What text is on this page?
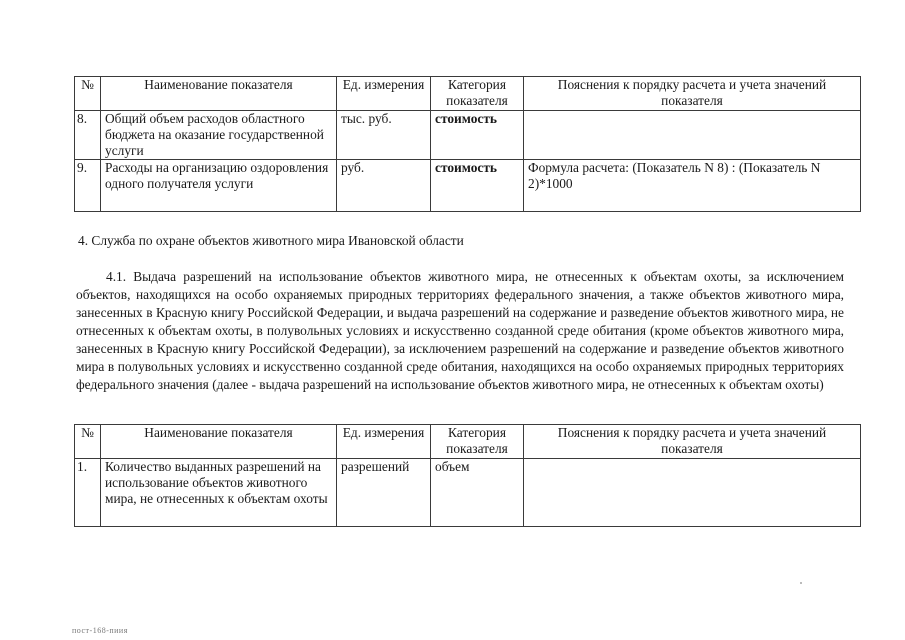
№	Наименование показателя	Ед. измерения	Категория показателя	Пояснения к порядку расчета и учета значений показателя
8.	Общий объем расходов областного бюджета на оказание государственной услуги	тыс. руб.	стоимость	
9.	Расходы на организацию оздоровления одного получателя услуги	руб.	стоимость	Формула расчета: (Показатель N 8) : (Показатель N 2)*1000
4. Служба по охране объектов животного мира Ивановской области
4.1. Выдача разрешений на использование объектов животного мира, не отнесенных к объектам охоты, за исключением объектов, находящихся на особо охраняемых природных территориях федерального значения, а также объектов животного мира, занесенных в Красную книгу Российской Федерации, и выдача разрешений на содержание и разведение объектов животного мира, не отнесенных к объектам охоты, в полувольных условиях и искусственно созданной среде обитания (кроме объектов животного мира, занесенных в Красную книгу Российской Федерации), за исключением разрешений на содержание и разведение объектов животного мира в полувольных условиях и искусственно созданной среде обитания, находящихся на особо охраняемых природных территориях федерального значения (далее - выдача разрешений на использование объектов животного мира, не отнесенных к объектам охоты)
№	Наименование показателя	Ед. измерения	Категория показателя	Пояснения к порядку расчета и учета значений показателя
1.	Количество выданных разрешений на использование объектов животного мира, не отнесенных к объектам охоты	разрешений	объем	
пост-168-пиия
